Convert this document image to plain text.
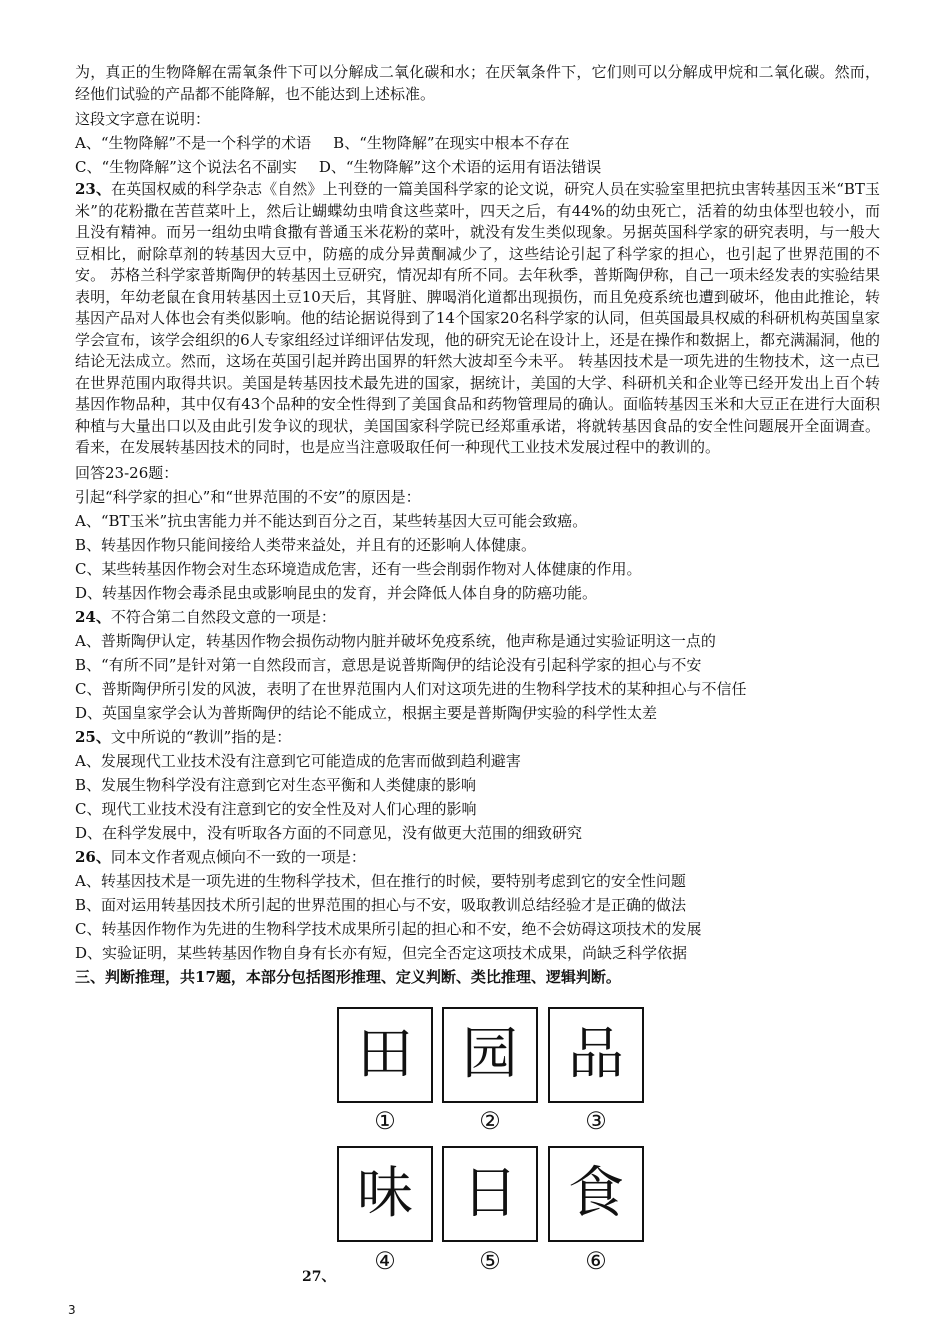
为，真正的生物降解在需氧条件下可以分解成二氧化碳和水；在厌氧条件下，它们则可以分解成甲烷和二氧化碳。然而，经他们试验的产品都不能降解，也不能达到上述标准。

这段文字意在说明：

A、“生物降解”不是一个科学的术语 B、“生物降解”在现实中根本不存在
C、“生物降解”这个说法名不副实 D、“生物降解”这个术语的运用有语法错误

23、在英国权威的科学杂志《自然》上刊登的一篇美国科学家的论文说，研究人员在实验室里把抗虫害转基因玉米“BT玉米”的花粉撒在苦苣菜叶上，然后让蝴蝶幼虫啃食这些菜叶，四天之后，有44%的幼虫死亡，活着的幼虫体型也较小，而且没有精神。而另一组幼虫啃食撒有普通玉米花粉的菜叶，就没有发生类似现象。另据英国科学家的研究表明，与一般大豆相比，耐除草剂的转基因大豆中，防癌的成分异黄酮减少了，这些结论引起了科学家的担心，也引起了世界范围的不安。 苏格兰科学家普斯陶伊的转基因土豆研究，情况却有所不同。去年秋季，普斯陶伊称，自己一项未经发表的实验结果表明，年幼老鼠在食用转基因土豆10天后，其肾脏、脾喝消化道都出现损伤，而且免疫系统也遭到破坏，他由此推论，转基因产品对人体也会有类似影响。他的结论据说得到了14个国家20名科学家的认同，但英国最具权威的科研机构英国皇家学会宣布，该学会组织的6人专家组经过详细评估发现，他的研究无论在设计上，还是在操作和数据上，都充满漏洞，他的结论无法成立。然而，这场在英国引起并跨出国界的轩然大波却至今未平。 转基因技术是一项先进的生物技术，这一点已在世界范围内取得共识。美国是转基因技术最先进的国家，据统计，美国的大学、科研机关和企业等已经开发出上百个转基因作物品种，其中仅有43个品种的安全性得到了美国食品和药物管理局的确认。面临转基因玉米和大豆正在进行大面积种植与大量出口以及由此引发争议的现状，美国国家科学院已经郑重承诺，将就转基因食品的安全性问题展开全面调查。看来，在发展转基因技术的同时，也是应当注意吸取任何一种现代工业技术发展过程中的教训的。

回答23-26题：

引起“科学家的担心”和“世界范围的不安”的原因是：

A、“BT玉米”抗虫害能力并不能达到百分之百，某些转基因大豆可能会致癌。

B、转基因作物只能间接给人类带来益处，并且有的还影响人体健康。

C、某些转基因作物会对生态环境造成危害，还有一些会削弱作物对人体健康的作用。

D、转基因作物会毒杀昆虫或影响昆虫的发育，并会降低人体自身的防癌功能。

24、不符合第二自然段文意的一项是：

A、普斯陶伊认定，转基因作物会损伤动物内脏并破坏免疫系统，他声称是通过实验证明这一点的

B、“有所不同”是针对第一自然段而言，意思是说普斯陶伊的结论没有引起科学家的担心与不安

C、普斯陶伊所引发的风波，表明了在世界范围内人们对这项先进的生物科学技术的某种担心与不信任

D、英国皇家学会认为普斯陶伊的结论不能成立，根据主要是普斯陶伊实验的科学性太差

25、文中所说的“教训”指的是：

A、发展现代工业技术没有注意到它可能造成的危害而做到趋利避害

B、发展生物科学没有注意到它对生态平衡和人类健康的影响

C、现代工业技术没有注意到它的安全性及对人们心理的影响

D、在科学发展中，没有听取各方面的不同意见，没有做更大范围的细致研究

26、同本文作者观点倾向不一致的一项是：

A、转基因技术是一项先进的生物科学技术，但在推行的时候，要特别考虑到它的安全性问题

B、面对运用转基因技术所引起的世界范围的担心与不安，吸取教训总结经验才是正确的做法

C、转基因作物作为先进的生物科学技术成果所引起的担心和不安，绝不会妨碍这项技术的发展

D、实验证明，某些转基因作物自身有长亦有短，但完全否定这项技术成果，尚缺乏科学依据

三、判断推理，共17题，本部分包括图形推理、定义判断、类比推理、逻辑判断。
田 园 品
①	②	③
味 日 食
④	⑤	⑥
27、
3
